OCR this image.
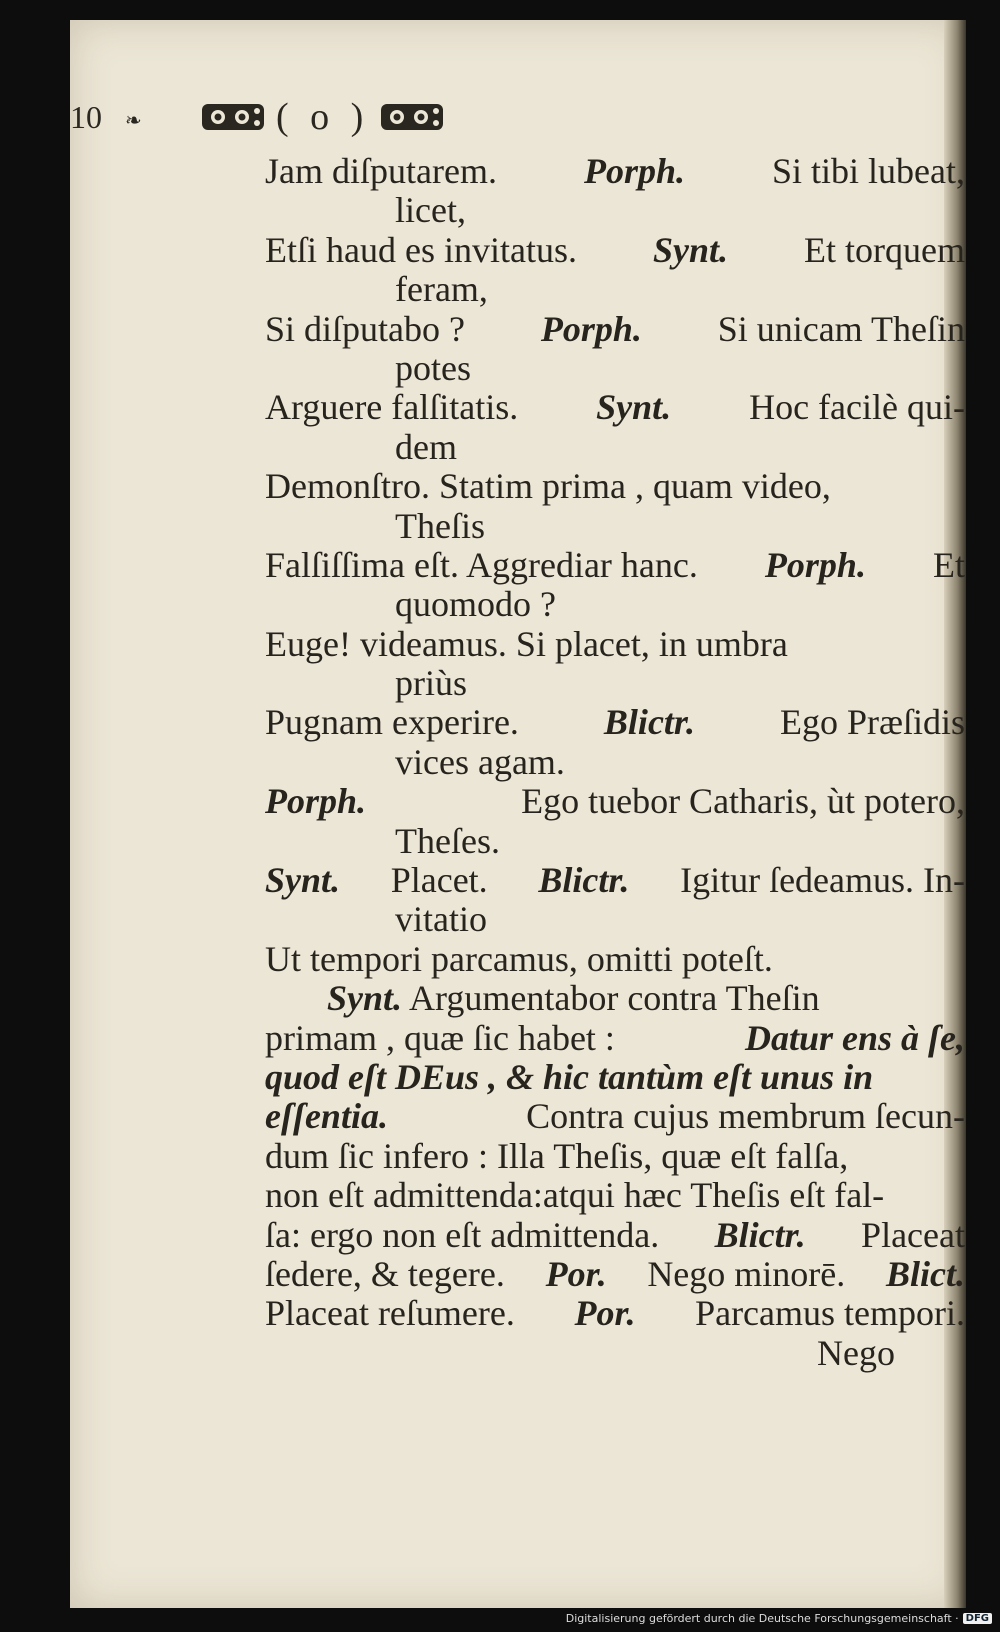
10 ❧	( o )
Jam diſputarem. Porph. Si tibi lubeat,
licet,
Etſi haud es invitatus. Synt. Et torquem
feram,
Si diſputabo ? Porph. Si unicam Theſin
potes
Arguere falſitatis. Synt. Hoc facilè qui-
dem
Demonſtro. Statim prima , quam video,
Theſis
Falſiſſima eſt. Aggrediar hanc. Porph. Et
quomodo ?
Euge! videamus. Si placet, in umbra
priùs
Pugnam experire. Blictr. Ego Præſidis
vices agam.
Porph.	Ego tuebor Catharis, ùt potero,
Theſes.
Synt. Placet. Blictr. Igitur ſedeamus. In-
vitatio
Ut tempori parcamus, omitti poteſt.
Synt. Argumentabor contra Theſin
primam , quæ ſic habet :	Datur ens à ſe,
quod eſt DEus , & hic tantùm eſt unus in
eſſentia.	Contra cujus membrum ſecun-
dum ſic infero : Illa Theſis, quæ eſt falſa,
non eſt admittenda:atqui hæc Theſis eſt fal-
ſa: ergo non eſt admittenda. Blictr. Placeat
ſedere, & tegere. Por. Nego minorē. Blict.
Placeat reſumere. Por. Parcamus tempori.
Nego
Digitalisierung gefördert durch die Deutsche Forschungsgemeinschaft · DFG
